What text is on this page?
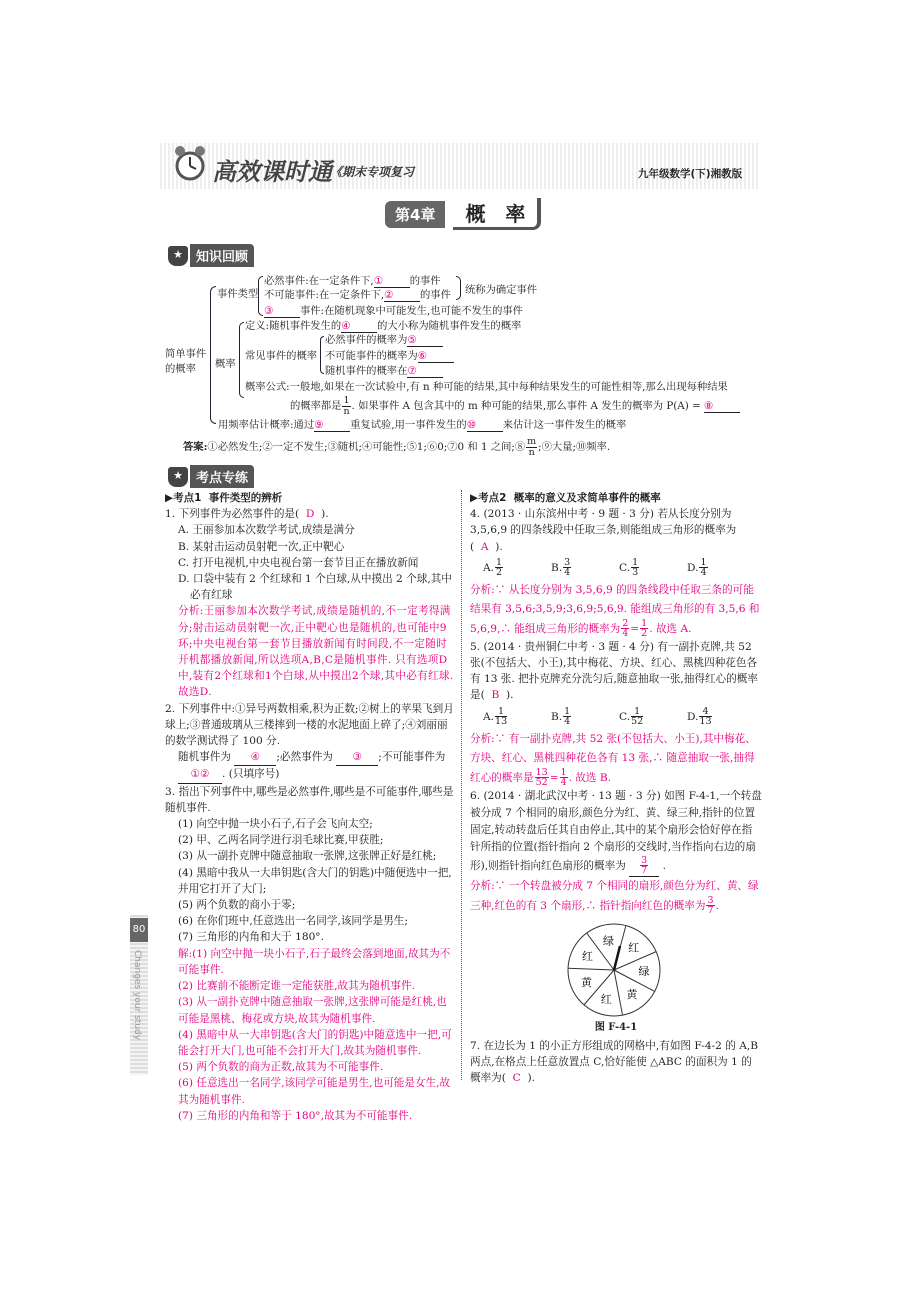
高效课时通
《期末专项复习	九年级数学(下)湘教版
第4章	概　率
★	知识回顾
简单事件
的概率
事件类型
必然事件:在一定条件下,①	的事件
不可能事件:在一定条件下,②	的事件 统称为确定事件
③	事件:在随机现象中可能发生,也可能不发生的事件
概率
定义:随机事件发生的④	的大小称为随机事件发生的概率
常见事件的概率
必然事件的概率为⑤
不可能事件的概率为⑥
随机事件的概率在⑦
概率公式:一般地,如果在一次试验中,有 n 种可能的结果,其中每种结果发生的可能性相等,那么出现每种结果
的概率都是 $\frac{1}{n}$ . 如果事件 A 包含其中的 m 种可能的结果,那么事件 A 发生的概率为 P(A) = ⑧
用频率估计概率:通过⑨	重复试验,用一事件发生的⑩	来估计这一事件发生的概率
答案:①必然发生;②一定不发生;③随机;④可能性;⑤1;⑥0;⑦0 和 1 之间;⑧ $\frac{m}{n}$ ;⑨大量;⑩频率.
★	考点专练

▶考点1 事件类型的辨析

1. 下列事件为必然事件的是( D ).

A. 王丽参加本次数学考试,成绩是满分

B. 某射击运动员射靶一次,正中靶心

C. 打开电视机,中央电视台第一套节目正在播放新闻

D. 口袋中装有 2 个红球和 1 个白球,从中摸出 2 个球,其中

必有红球

分析:王丽参加本次数学考试,成绩是随机的,不一定考得满分;射击运动员射靶一次,正中靶心也是随机的,也可能中9环;中央电视台第一套节目播放新闻有时间段,不一定随时开机都播放新闻,所以选项A,B,C是随机事件. 只有选项D中,装有2个红球和1个白球,从中摸出2个球,其中必有红球. 故选D.

2. 下列事件中:①异号两数相乘,积为正数;②树上的苹果飞到月球上;③普通玻璃从三楼摔到一楼的水泥地面上碎了;④刘丽丽的数学测试得了 100 分.

随机事件为 ④ ;必然事件为 ③ ;不可能事件为 ①② . (只填序号)

3. 指出下列事件中,哪些是必然事件,哪些是不可能事件,哪些是随机事件.

(1) 向空中抛一块小石子,石子会飞向太空;

(2) 甲、乙两名同学进行羽毛球比赛,甲获胜;

(3) 从一副扑克牌中随意抽取一张牌,这张牌正好是红桃;

(4) 黑暗中我从一大串钥匙(含大门的钥匙)中随便选中一把,并用它打开了大门;

(5) 两个负数的商小于零;

(6) 在你们班中,任意选出一名同学,该同学是男生;

(7) 三角形的内角和大于 180°.

解:(1) 向空中抛一块小石子,石子最终会落到地面,故其为不可能事件.

(2) 比赛前不能断定谁一定能获胜,故其为随机事件.

(3) 从一副扑克牌中随意抽取一张牌,这张牌可能是红桃,也可能是黑桃、梅花或方块,故其为随机事件.

(4) 黑暗中从一大串钥匙(含大门的钥匙)中随意选中一把,可能会打开大门,也可能不会打开大门,故其为随机事件.

(5) 两个负数的商为正数,故其为不可能事件.

(6) 任意选出一名同学,该同学可能是男生,也可能是女生,故其为随机事件.

(7) 三角形的内角和等于 180°,故其为不可能事件.

▶考点2 概率的意义及求简单事件的概率

4. (2013 · 山东滨州中考 · 9 题 · 3 分) 若从长度分别为 3,5,6,9 的四条线段中任取三条,则能组成三角形的概率为( A ).

A. $\frac{1}{2}$	B. $\frac{3}{4}$	C. $\frac{1}{3}$	D. $\frac{1}{4}$

分析:∵ 从长度分别为 3,5,6,9 的四条线段中任取三条的可能结果有 3,5,6;3,5,9;3,6,9;5,6,9. 能组成三角形的有 3,5,6 和 5,6,9,∴ 能组成三角形的概率为 $\frac{2}{4} = \frac{1}{2}$ . 故选 A.

5. (2014 · 贵州铜仁中考 · 3 题 · 4 分) 有一副扑克牌,共 52 张(不包括大、小王),其中梅花、方块、红心、黑桃四种花色各有 13 张. 把扑克牌充分洗匀后,随意抽取一张,抽得红心的概率是( B ).

A. $\frac{1}{13}$	B. $\frac{1}{4}$	C. $\frac{1}{52}$	D. $\frac{4}{13}$

分析:∵ 有一副扑克牌,共 52 张(不包括大、小王),其中梅花、方块、红心、黑桃四种花色各有 13 张,∴ 随意抽取一张,抽得红心的概率是 $\frac{13}{52} = \frac{1}{4}$ . 故选 B.

6. (2014 · 湖北武汉中考 · 13 题 · 3 分) 如图 F-4-1,一个转盘被分成 7 个相同的扇形,颜色分为红、黄、绿三种,指针的位置固定,转动转盘后任其自由停止,其中的某个扇形会恰好停在指针所指的位置(指针指向 2 个扇形的交线时,当作指向右边的扇形),则指针指向红色扇形的概率为 $\frac{3}{7}$ .

分析:∵ 一个转盘被分成 7 个相同的扇形,颜色分为红、黄、绿三种,红色的有 3 个扇形,∴ 指针指向红色的概率为 $\frac{3}{7}$ .

红
绿
黄
红
黄
红
绿
图 F-4-1

7. 在边长为 1 的小正方形组成的网格中,有如图 F-4-2 的 A,B 两点,在格点上任意放置点 C,恰好能使 △ABC 的面积为 1 的概率为( C ).

80
Changes your study
